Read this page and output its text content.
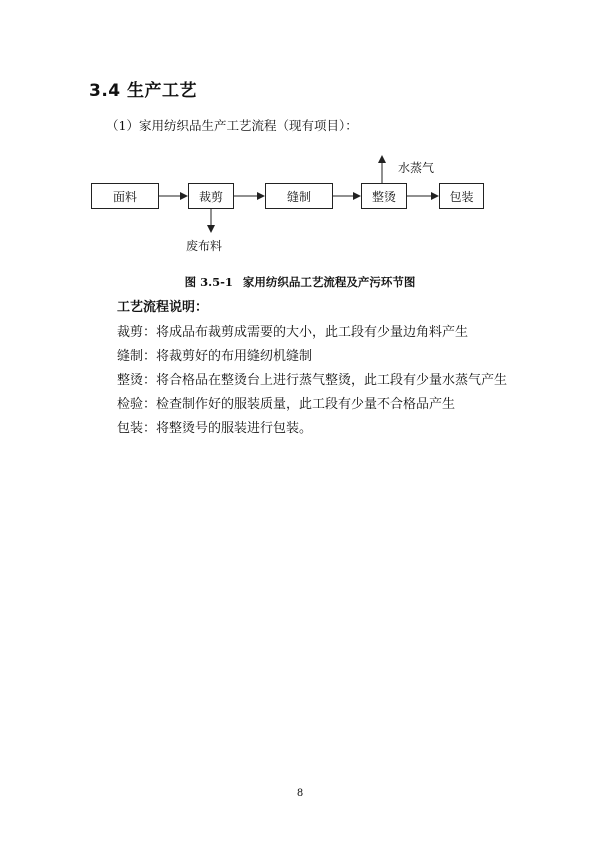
3.4 生产工艺
（1）家用纺织品生产工艺流程（现有项目）：
面料	裁剪	缝制	整烫	包装
废布料
水蒸气
图 3.5-1 家用纺织品工艺流程及产污环节图
工艺流程说明：
裁剪：将成品布裁剪成需要的大小，此工段有少量边角料产生
缝制：将裁剪好的布用缝纫机缝制
整烫：将合格品在整烫台上进行蒸气整烫，此工段有少量水蒸气产生
检验：检查制作好的服装质量，此工段有少量不合格品产生
包装：将整烫号的服装进行包装。
8
